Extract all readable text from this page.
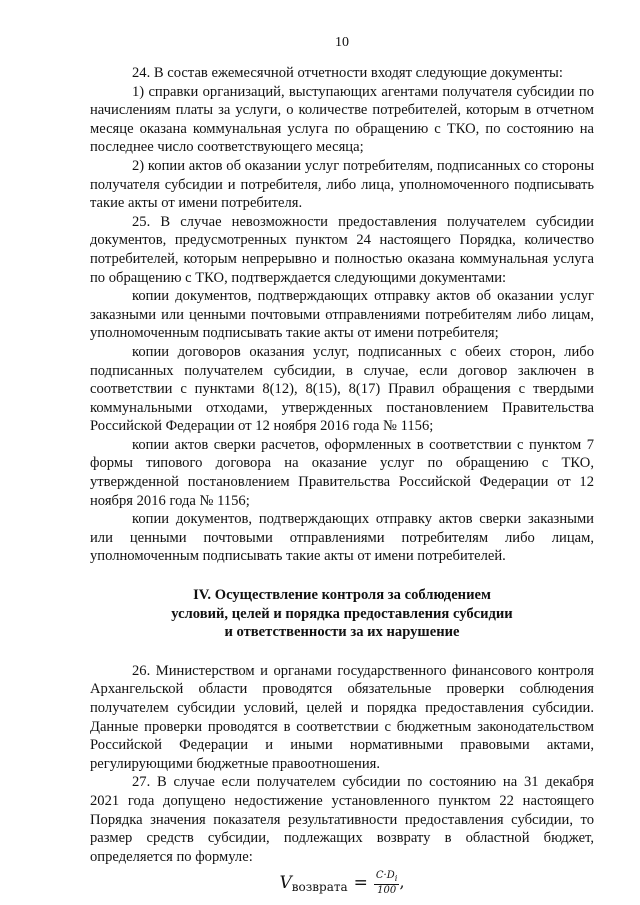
10

24. В состав ежемесячной отчетности входят следующие документы:

1) справки организаций, выступающих агентами получателя субсидии по начислениям платы за услуги, о количестве потребителей, которым в отчетном месяце оказана коммунальная услуга по обращению с ТКО, по состоянию на последнее число соответствующего месяца;

2) копии актов об оказании услуг потребителям, подписанных со стороны получателя субсидии и потребителя, либо лица, уполномоченного подписывать такие акты от имени потребителя.

25. В случае невозможности предоставления получателем субсидии документов, предусмотренных пунктом 24 настоящего Порядка, количество потребителей, которым непрерывно и полностью оказана коммунальная услуга по обращению с ТКО, подтверждается следующими документами:

копии документов, подтверждающих отправку актов об оказании услуг заказными или ценными почтовыми отправлениями потребителям либо лицам, уполномоченным подписывать такие акты от имени потребителя;

копии договоров оказания услуг, подписанных с обеих сторон, либо подписанных получателем субсидии, в случае, если договор заключен в соответствии с пунктами 8(12), 8(15), 8(17) Правил обращения с твердыми коммунальными отходами, утвержденных постановлением Правительства Российской Федерации от 12 ноября 2016 года № 1156;

копии актов сверки расчетов, оформленных в соответствии с пунктом 7 формы типового договора на оказание услуг по обращению с ТКО, утвержденной постановлением Правительства Российской Федерации от 12 ноября 2016 года № 1156;

копии документов, подтверждающих отправку актов сверки заказными или ценными почтовыми отправлениями потребителям либо лицам, уполномоченным подписывать такие акты от имени потребителей.

IV. Осуществление контроля за соблюдением

условий, целей и порядка предоставления субсидии

и ответственности за их нарушение

26. Министерством и органами государственного финансового контроля Архангельской области проводятся обязательные проверки соблюдения получателем субсидии условий, целей и порядка предоставления субсидии. Данные проверки проводятся в соответствии с бюджетным законодательством Российской Федерации и иными нормативными правовыми актами, регулирующими бюджетные правоотношения.

27. В случае если получателем субсидии по состоянию на 31 декабря 2021 года допущено недостижение установленного пунктом 22 настоящего Порядка значения показателя результативности предоставления субсидии, то размер средств субсидии, подлежащих возврату в областной бюджет, определяется по формуле:

Vвозврата = $\frac{C\cdot D_i}{100}$ ,
